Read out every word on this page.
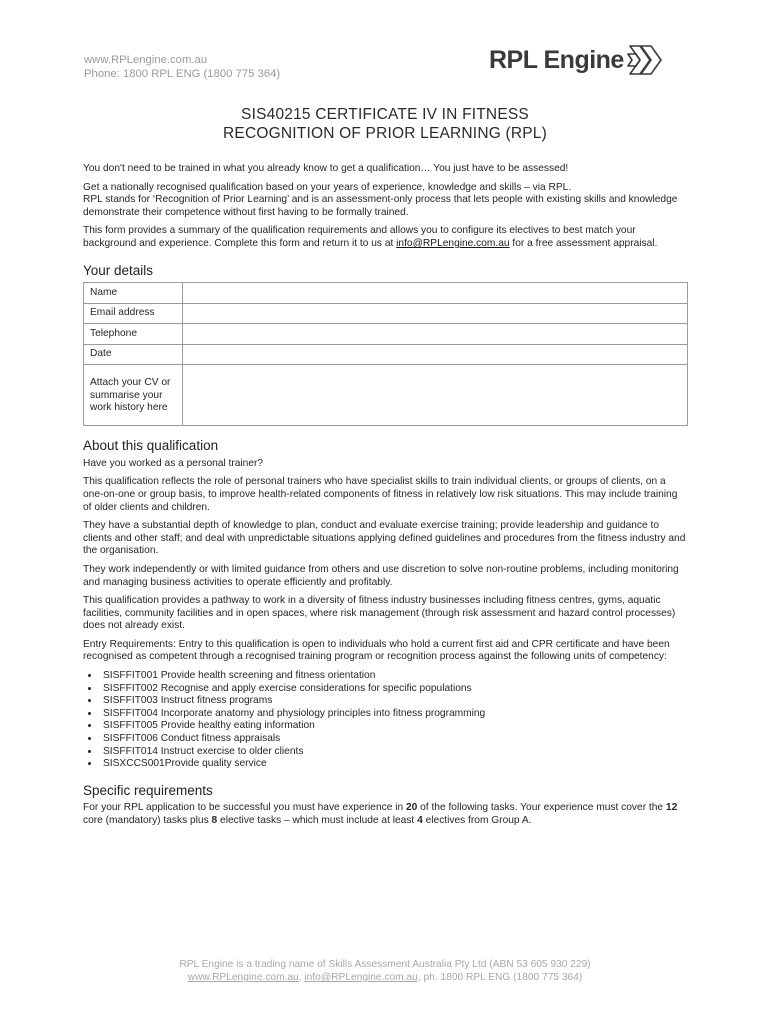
www.RPLengine.com.au
Phone: 1800 RPL ENG (1800 775 364)
RPL Engine
SIS40215 CERTIFICATE IV IN FITNESS
RECOGNITION OF PRIOR LEARNING (RPL)

You don't need to be trained in what you already know to get a qualification… You just have to be assessed!

Get a nationally recognised qualification based on your years of experience, knowledge and skills – via RPL.
RPL stands for ‘Recognition of Prior Learning’ and is an assessment-only process that lets people with existing skills and knowledge demonstrate their competence without first having to be formally trained.

This form provides a summary of the qualification requirements and allows you to configure its electives to best match your background and experience. Complete this form and return it to us at info@RPLengine.com.au for a free assessment appraisal.

Your details
Name	
Email address	
Telephone	
Date	
Attach your CV or summarise your work history here	
About this qualification

Have you worked as a personal trainer?

This qualification reflects the role of personal trainers who have specialist skills to train individual clients, or groups of clients, on a one-on-one or group basis, to improve health-related components of fitness in relatively low risk situations. This may include training of older clients and children.

They have a substantial depth of knowledge to plan, conduct and evaluate exercise training; provide leadership and guidance to clients and other staff; and deal with unpredictable situations applying defined guidelines and procedures from the fitness industry and the organisation.

They work independently or with limited guidance from others and use discretion to solve non-routine problems, including monitoring and managing business activities to operate efficiently and profitably.

This qualification provides a pathway to work in a diversity of fitness industry businesses including fitness centres, gyms, aquatic facilities, community facilities and in open spaces, where risk management (through risk assessment and hazard control processes) does not already exist.

Entry Requirements: Entry to this qualification is open to individuals who hold a current first aid and CPR certificate and have been recognised as competent through a recognised training program or recognition process against the following units of competency:

• SISFFIT001 Provide health screening and fitness orientation
• SISFFIT002 Recognise and apply exercise considerations for specific populations
• SISFFIT003 Instruct fitness programs
• SISFFIT004 Incorporate anatomy and physiology principles into fitness programming
• SISFFIT005 Provide healthy eating information
• SISFFIT006 Conduct fitness appraisals
• SISFFIT014 Instruct exercise to older clients
• SISXCCS001Provide quality service
Specific requirements

For your RPL application to be successful you must have experience in 20 of the following tasks. Your experience must cover the 12 core (mandatory) tasks plus 8 elective tasks – which must include at least 4 electives from Group A.

RPL Engine is a trading name of Skills Assessment Australia Pty Ltd (ABN 53 605 930 229)
www.RPLengine.com.au, info@RPLengine.com.au, ph. 1800 RPL ENG (1800 775 364)
